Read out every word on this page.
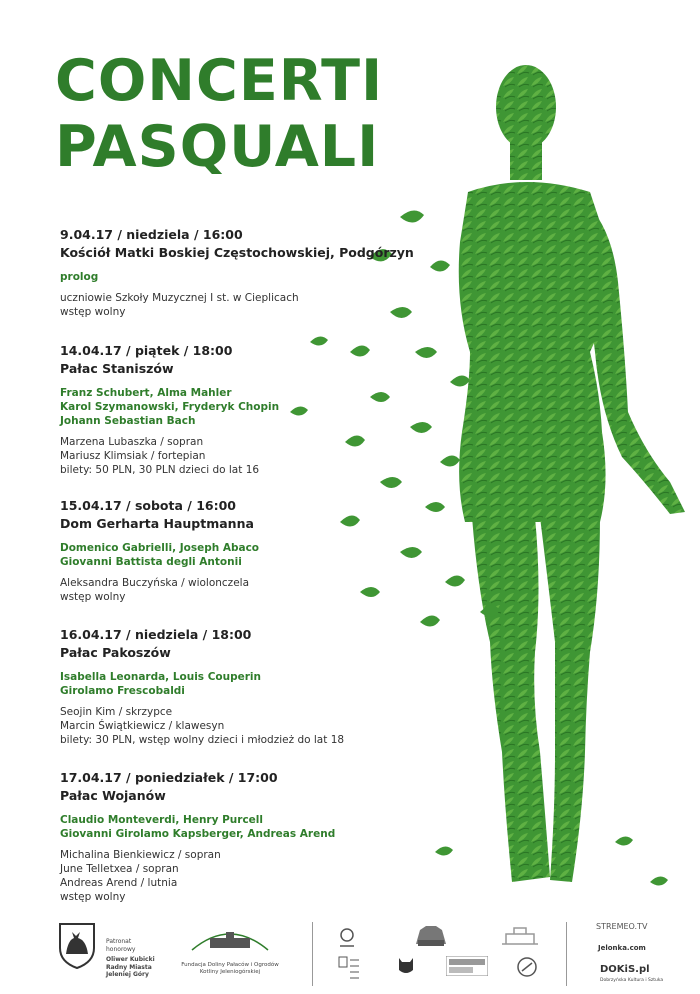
CONCERTI
PASQUALI
9.04.17 / niedziela / 16:00
Kościół Matki Boskiej Częstochowskiej, Podgórzyn
prolog
uczniowie Szkoły Muzycznej I st. w Cieplicach
wstęp wolny
14.04.17 / piątek / 18:00
Pałac Staniszów
Franz Schubert, Alma Mahler
Karol Szymanowski, Fryderyk Chopin
Johann Sebastian Bach
Marzena Lubaszka / sopran
Mariusz Klimsiak / fortepian
bilety: 50 PLN, 30 PLN dzieci do lat 16
15.04.17 / sobota / 16:00
Dom Gerharta Hauptmanna
Domenico Gabrielli, Joseph Abaco
Giovanni Battista degli Antonii
Aleksandra Buczyńska / wiolonczela
wstęp wolny
16.04.17 / niedziela / 18:00
Pałac Pakoszów
Isabella Leonarda, Louis Couperin
Girolamo Frescobaldi
Seojin Kim / skrzypce
Marcin Świątkiewicz / klawesyn
bilety: 30 PLN, wstęp wolny dzieci i młodzież do lat 18
17.04.17 / poniedziałek / 17:00
Pałac Wojanów
Claudio Monteverdi, Henry Purcell
Giovanni Girolamo Kapsberger, Andreas Arend
Michalina Bienkiewicz / sopran
June Telletxea / sopran
Andreas Arend / lutnia
wstęp wolny
Patronat
honorowy
Oliwer Kubicki
Radny Miasta
Jeleniej Góry
Fundacja Doliny Pałaców i Ogrodów
Kotliny Jeleniogórskiej
STREMEO.TV
Jelonka.com
DOKiS.pl
Dobrzyńska Kultura i Sztuka
